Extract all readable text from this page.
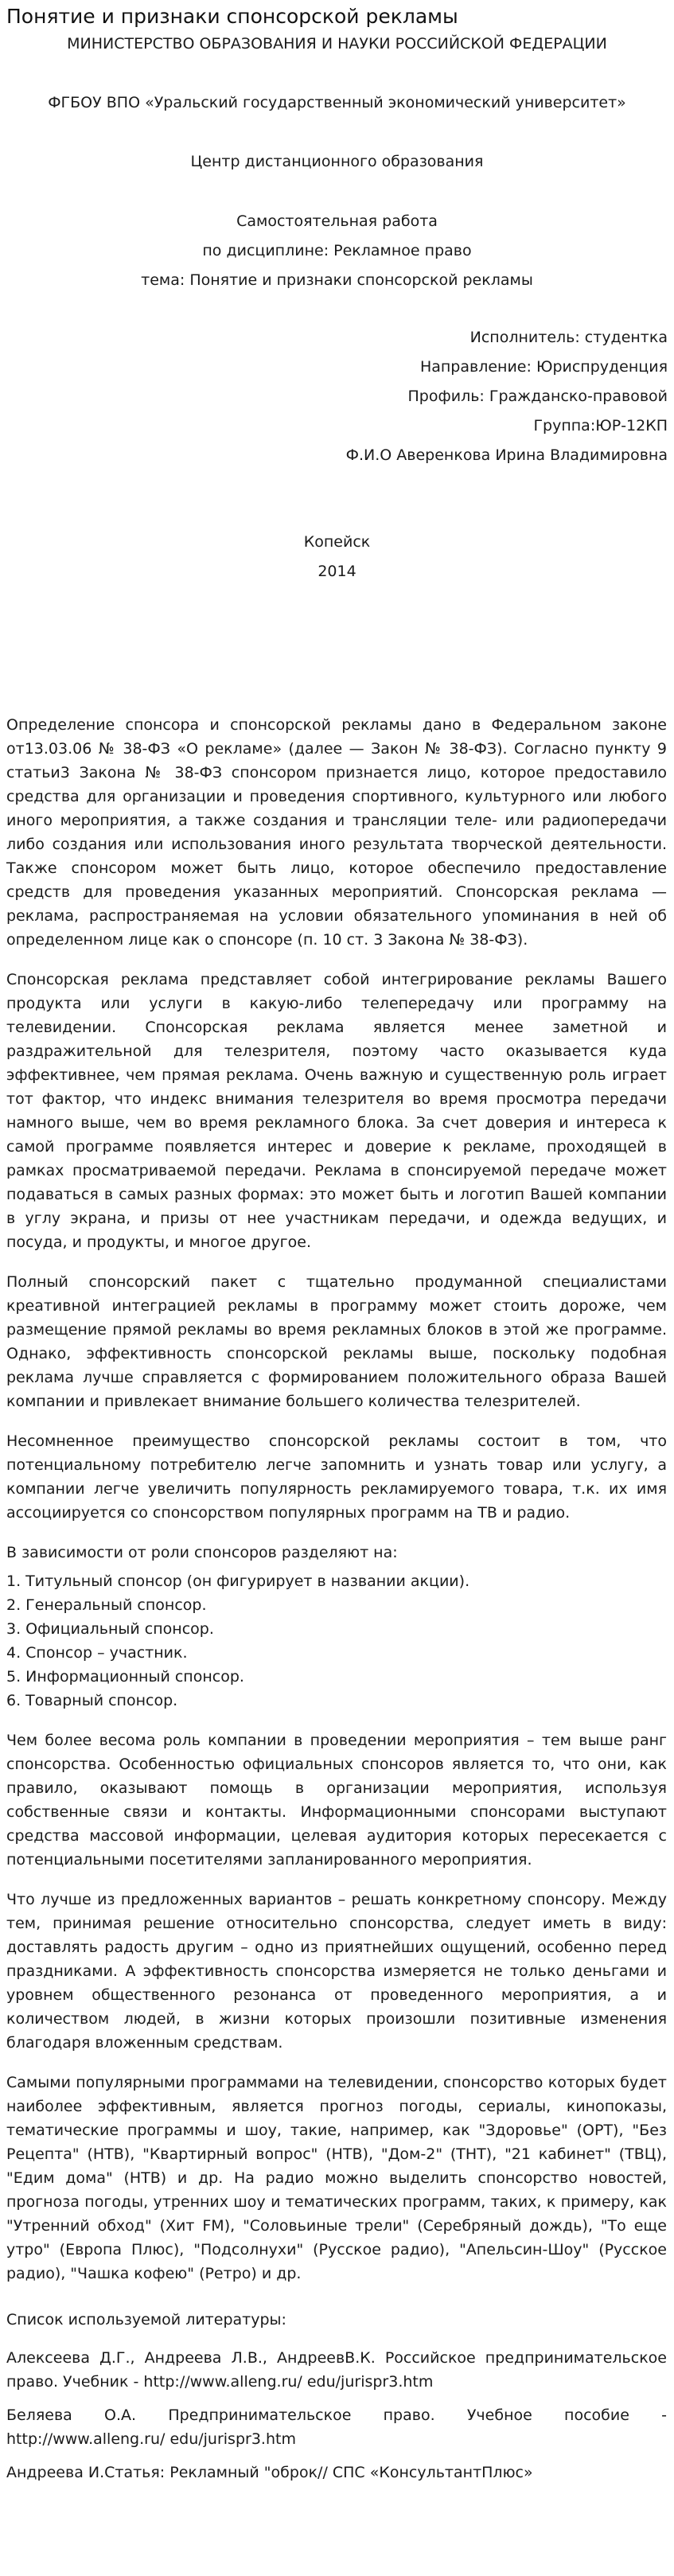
Понятие и признаки спонсорской рекламы
МИНИСТЕРСТВО ОБРАЗОВАНИЯ И НАУКИ РОССИЙСКОЙ ФЕДЕРАЦИИ
ФГБОУ ВПО «Уральский государственный экономический университет»
Центр дистанционного образования
Самостоятельная работа
по дисциплине: Рекламное право
тема: Понятие и признаки спонсорской рекламы
Исполнитель: студентка
Направление: Юриспруденция
Профиль: Гражданско-правовой
Группа:ЮР-12КП
Ф.И.О Аверенкова Ирина Владимировна
Копейск
2014

Определение спонсора и спонсорской рекламы дано в Федеральном законе от13.03.06 № 38-ФЗ «О рекламе» (далее — Закон № 38-ФЗ). Согласно пункту 9 статьи3 Закона № 38-ФЗ спонсором признается лицо, которое предоставило средства для организации и проведения спортивного, культурного или любого иного мероприятия, а также создания и трансляции теле- или радиопередачи либо создания или использования иного результата творческой деятельности. Также спонсором может быть лицо, которое обеспечило предоставление средств для проведения указанных мероприятий. Спонсорская реклама — реклама, распространяемая на условии обязательного упоминания в ней об определенном лице как о спонсоре (п. 10 ст. 3 Закона № 38-ФЗ).

Спонсорская реклама представляет собой интегрирование рекламы Вашего продукта или услуги в какую-либо телепередачу или программу на телевидении. Спонсорская реклама является менее заметной и раздражительной для телезрителя, поэтому часто оказывается куда эффективнее, чем прямая реклама. Очень важную и существенную роль играет тот фактор, что индекс внимания телезрителя во время просмотра передачи намного выше, чем во время рекламного блока. За счет доверия и интереса к самой программе появляется интерес и доверие к рекламе, проходящей в рамках просматриваемой передачи. Реклама в спонсируемой передаче может подаваться в самых разных формах: это может быть и логотип Вашей компании в углу экрана, и призы от нее участникам передачи, и одежда ведущих, и посуда, и продукты, и многое другое.

Полный спонсорский пакет с тщательно продуманной специалистами креативной интеграцией рекламы в программу может стоить дороже, чем размещение прямой рекламы во время рекламных блоков в этой же программе. Однако, эффективность спонсорской рекламы выше, поскольку подобная реклама лучше справляется с формированием положительного образа Вашей компании и привлекает внимание большего количества телезрителей.

Несомненное преимущество спонсорской рекламы состоит в том, что потенциальному потребителю легче запомнить и узнать товар или услугу, а компании легче увеличить популярность рекламируемого товара, т.к. их имя ассоциируется со спонсорством популярных программ на ТВ и радио.

В зависимости от роли спонсоров разделяют на:

1. Титульный спонсор (он фигурирует в названии акции).
2. Генеральный спонсор.
3. Официальный спонсор.
4. Спонсор – участник.
5. Информационный спонсор.
6. Товарный спонсор.

Чем более весома роль компании в проведении мероприятия – тем выше ранг спонсорства. Особенностью официальных спонсоров является то, что они, как правило, оказывают помощь в организации мероприятия, используя собственные связи и контакты. Информационными спонсорами выступают средства массовой информации, целевая аудитория которых пересекается с потенциальными посетителями запланированного мероприятия.

Что лучше из предложенных вариантов – решать конкретному спонсору. Между тем, принимая решение относительно спонсорства, следует иметь в виду: доставлять радость другим – одно из приятнейших ощущений, особенно перед праздниками. А эффективность спонсорства измеряется не только деньгами и уровнем общественного резонанса от проведенного мероприятия, а и количеством людей, в жизни которых произошли позитивные изменения благодаря вложенным средствам.

Самыми популярными программами на телевидении, спонсорство которых будет наиболее эффективным, является прогноз погоды, сериалы, кинопоказы, тематические программы и шоу, такие, например, как "Здоровье" (ОРТ), "Без Рецепта" (НТВ), "Квартирный вопрос" (НТВ), "Дом-2" (ТНТ), "21 кабинет" (ТВЦ), "Едим дома" (НТВ) и др. На радио можно выделить спонсорство новостей, прогноза погоды, утренних шоу и тематических программ, таких, к примеру, как "Утренний обход" (Хит FM), "Соловьиные трели" (Серебряный дождь), "То еще утро" (Европа Плюс), "Подсолнухи" (Русское радио), "Апельсин-Шоу" (Русское радио), "Чашка кофею" (Ретро) и др.

Список используемой литературы:

Алексеева Д.Г., Андреева Л.В., АндреевВ.К. Российское предпринимательское право. Учебник - http://www.alleng.ru/ edu/jurispr3.htm

Беляева О.А. Предпринимательское право. Учебное пособие - http://www.alleng.ru/ edu/jurispr3.htm

Андреева И.Статья: Рекламный "оброк// СПС «КонсультантПлюс»
